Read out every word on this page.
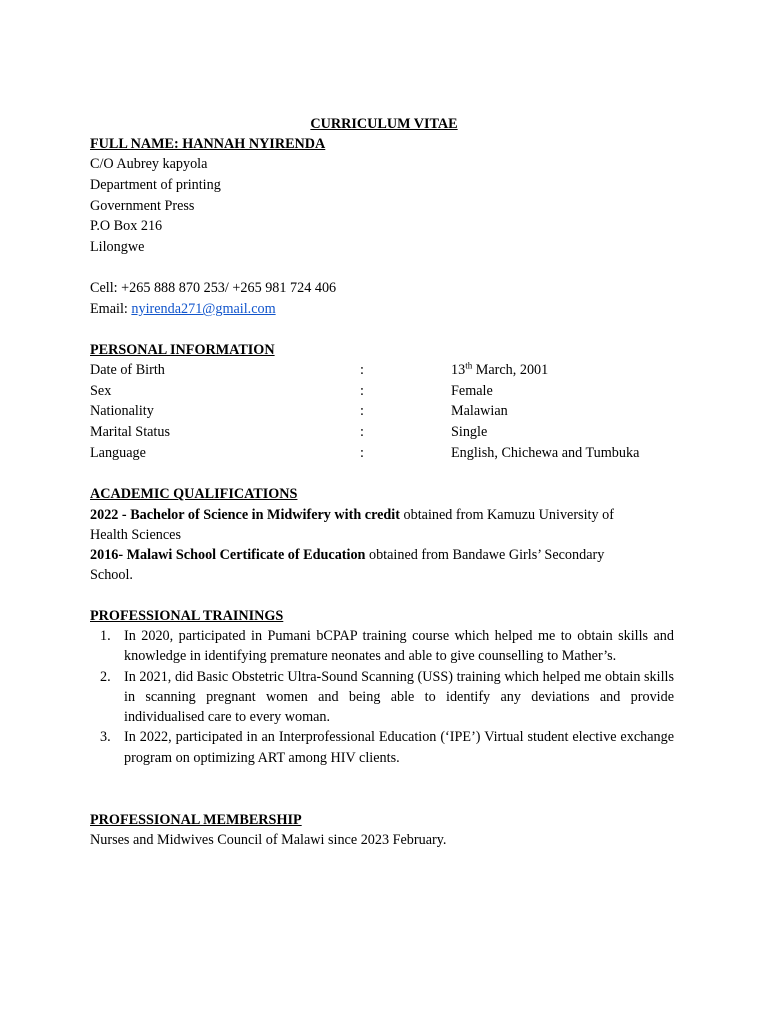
CURRICULUM VITAE
FULL NAME: HANNAH NYIRENDA
C/O Aubrey kapyola
Department of printing
Government Press
P.O Box 216
Lilongwe
Cell: +265 888 870 253/ +265 981 724 406
Email: nyirenda271@gmail.com
PERSONAL INFORMATION
Date of Birth	:	13th March, 2001
Sex	:	Female
Nationality	:	Malawian
Marital Status	:	Single
Language	:	English, Chichewa and Tumbuka
ACADEMIC QUALIFICATIONS
2022 - Bachelor of Science in Midwifery with credit obtained from Kamuzu University of
Health Sciences
2016- Malawi School Certificate of Education obtained from Bandawe Girls’ Secondary
School.
PROFESSIONAL TRAININGS
1. In 2020, participated in Pumani bCPAP training course which helped me to obtain skills and knowledge in identifying premature neonates and able to give counselling to Mather’s.
2. In 2021, did Basic Obstetric Ultra-Sound Scanning (USS) training which helped me obtain skills in scanning pregnant women and being able to identify any deviations and provide individualised care to every woman.
3. In 2022, participated in an Interprofessional Education (‘IPE’) Virtual student elective exchange program on optimizing ART among HIV clients.
PROFESSIONAL MEMBERSHIP
Nurses and Midwives Council of Malawi since 2023 February.
